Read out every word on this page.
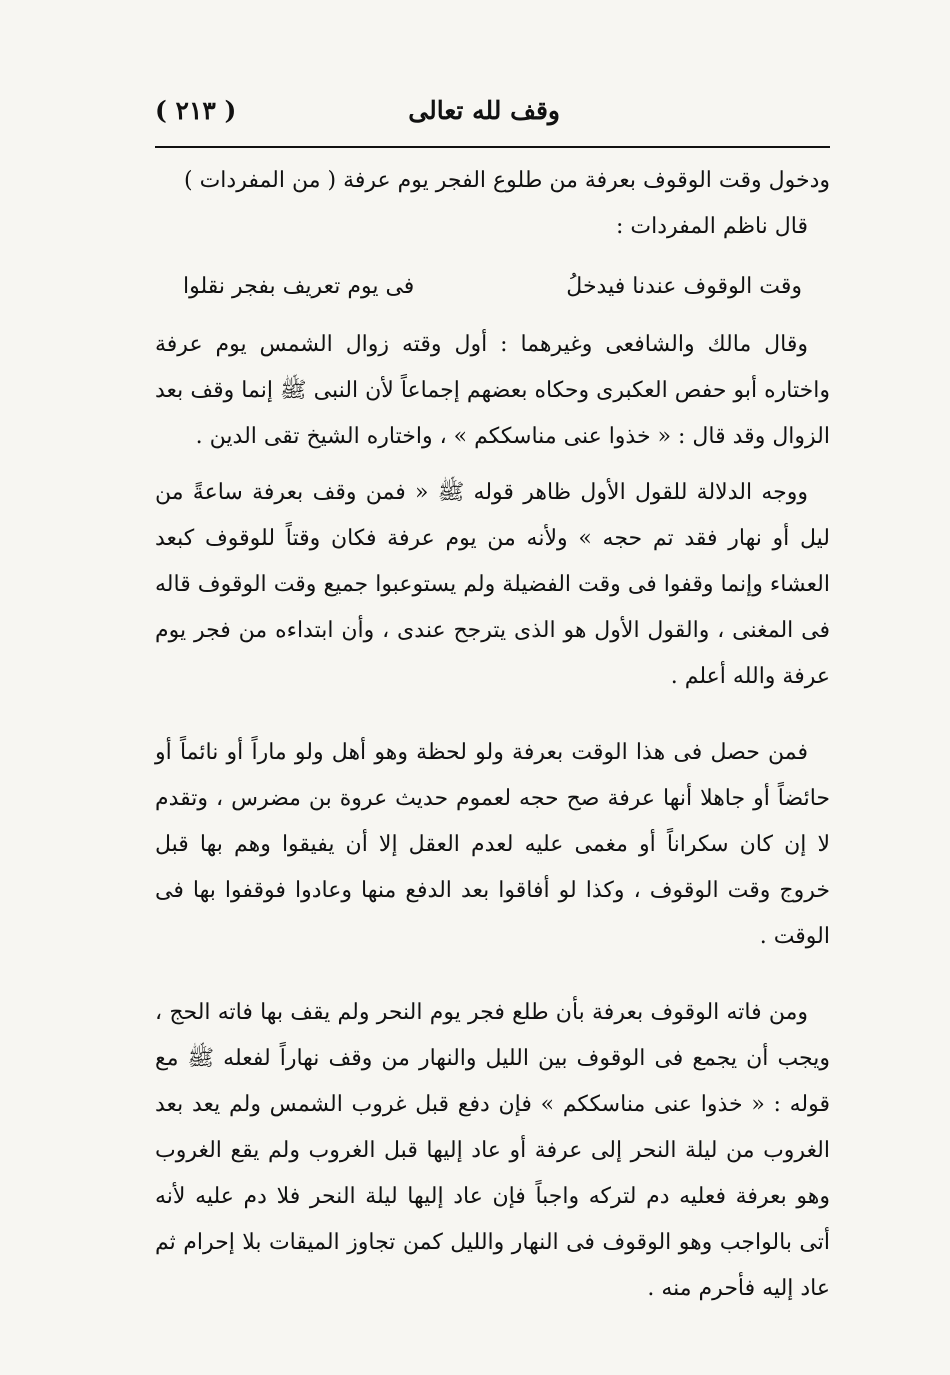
وقف لله تعالى
( ٢١٣ )

ودخول وقت الوقوف بعرفة من طلوع الفجر يوم عرفة ( من المفردات )

قال ناظم المفردات :

وقت الوقوف عندنا فيدخلُ
فى يوم تعريف بفجر نقلوا

وقال مالك والشافعى وغيرهما : أول وقته زوال الشمس يوم عرفة واختاره أبو حفص العكبرى وحكاه بعضهم إجماعاً لأن النبى ﷺ إنما وقف بعد الزوال وقد قال : « خذوا عنى مناسككم » ، واختاره الشيخ تقى الدين .

ووجه الدلالة للقول الأول ظاهر قوله ﷺ « فمن وقف بعرفة ساعةً من ليل أو نهار فقد تم حجه » ولأنه من يوم عرفة فكان وقتاً للوقوف كبعد العشاء وإنما وقفوا فى وقت الفضيلة ولم يستوعبوا جميع وقت الوقوف قاله فى المغنى ، والقول الأول هو الذى يترجح عندى ، وأن ابتداءه من فجر يوم عرفة والله أعلم .

فمن حصل فى هذا الوقت بعرفة ولو لحظة وهو أهل ولو ماراً أو نائماً أو حائضاً أو جاهلا أنها عرفة صح حجه لعموم حديث عروة بن مضرس ، وتقدم لا إن كان سكراناً أو مغمى عليه لعدم العقل إلا أن يفيقوا وهم بها قبل خروج وقت الوقوف ، وكذا لو أفاقوا بعد الدفع منها وعادوا فوقفوا بها فى الوقت .

ومن فاته الوقوف بعرفة بأن طلع فجر يوم النحر ولم يقف بها فاته الحج ، ويجب أن يجمع فى الوقوف بين الليل والنهار من وقف نهاراً لفعله ﷺ مع قوله : « خذوا عنى مناسككم » فإن دفع قبل غروب الشمس ولم يعد بعد الغروب من ليلة النحر إلى عرفة أو عاد إليها قبل الغروب ولم يقع الغروب وهو بعرفة فعليه دم لتركه واجباً فإن عاد إليها ليلة النحر فلا دم عليه لأنه أتى بالواجب وهو الوقوف فى النهار والليل كمن تجاوز الميقات بلا إحرام ثم عاد إليه فأحرم منه .
